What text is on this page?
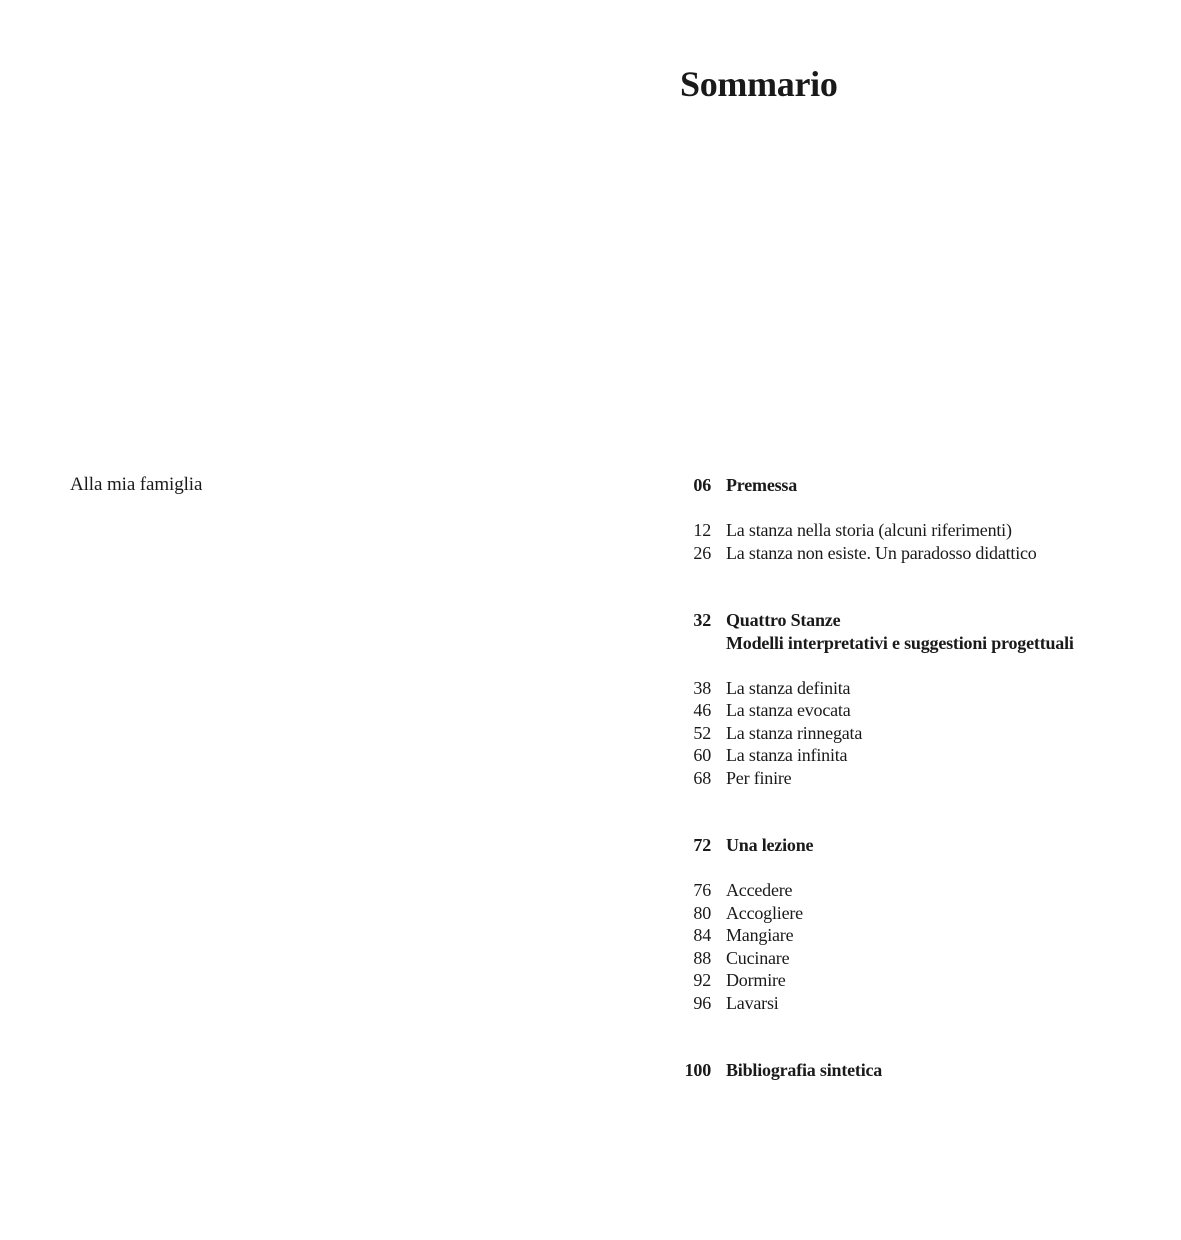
Alla mia famiglia
Sommario
06 Premessa
12 La stanza nella storia (alcuni riferimenti)
26 La stanza non esiste. Un paradosso didattico
32 Quattro Stanze
Modelli interpretativi e suggestioni progettuali
38 La stanza definita
46 La stanza evocata
52 La stanza rinnegata
60 La stanza infinita
68 Per finire
72 Una lezione
76 Accedere
80 Accogliere
84 Mangiare
88 Cucinare
92 Dormire
96 Lavarsi
100 Bibliografia sintetica
